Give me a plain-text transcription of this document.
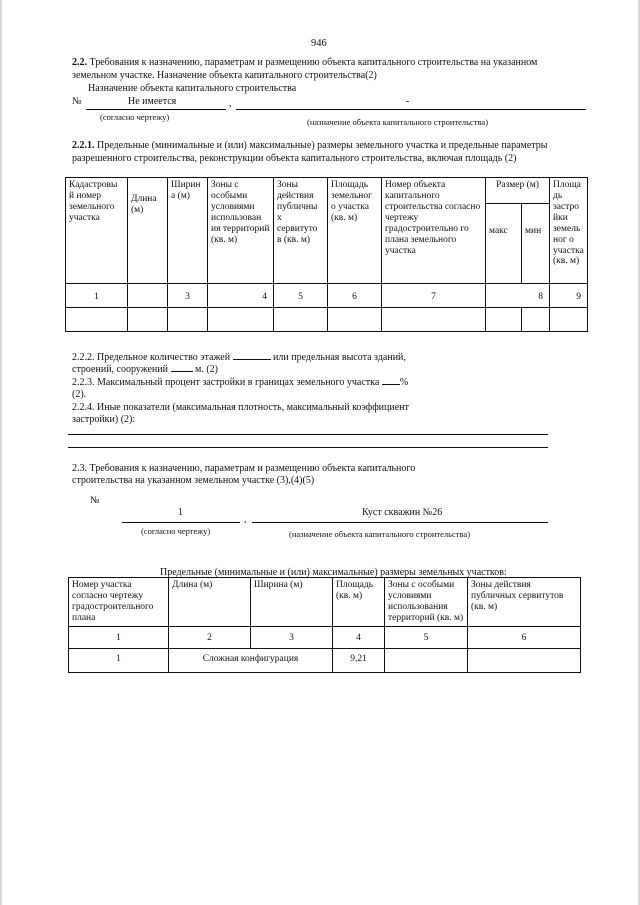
946
2.2. Требования к назначению, параметрам и размещению объекта капитального строительства на указанном
земельном участке. Назначение объекта капитального строительства(2)
Назначение объекта капитального строительства
№	Не имеется	,	-
(согласно чертежу)	(назначение объекта капитального строительства)
2.2.1. Предельные (минимальные и (или) максимальные) размеры земельного участка и предельные параметры
разрешенного строительства, реконструкции объекта капитального строительства, включая площадь (2)
Кадастровы й номер земельного участка	Длина (м)	Ширин а (м)	Зоны с особыми условиями использован ия территорий (кв. м)	Зоны действия публичны х сервитуто в (кв. м)	Площадь земельног о участка (кв. м)	Номер объекта капитального строительства согласно чертежу градостроительно го плана земельного участка	Размер (м)		Площадь застройки земельног о участка (кв. м)
							макс	мин	
1		3	4	5	6	7	8		9

2.2.2. Предельное количество этажей	или предельная высота зданий,
строений, сооружений	м. (2)
2.2.3. Максимальный процент застройки в границах земельного участка %
(2).
2.2.4. Иные показатели (максимальная плотность, максимальный коэффициент
застройки) (2):
2.3. Требования к назначению, параметрам и размещению объекта капитального
строительства на указанном земельном участке (3),(4)(5)
№
1
,
Куст скважин №26
(согласно чертежу)	(назначение объекта капитального строительства)
Предельные (минимальные и (или) максимальные) размеры земельных участков:
Номер участка согласно чертежу градостроительного плана	Длина (м)	Ширина (м)	Площадь (кв. м)	Зоны с особыми условиями использования территорий (кв. м)	Зоны действия публичных сервитутов (кв. м)
1	2	3	4	5	6
1	Сложная конфигурация		9,21		
